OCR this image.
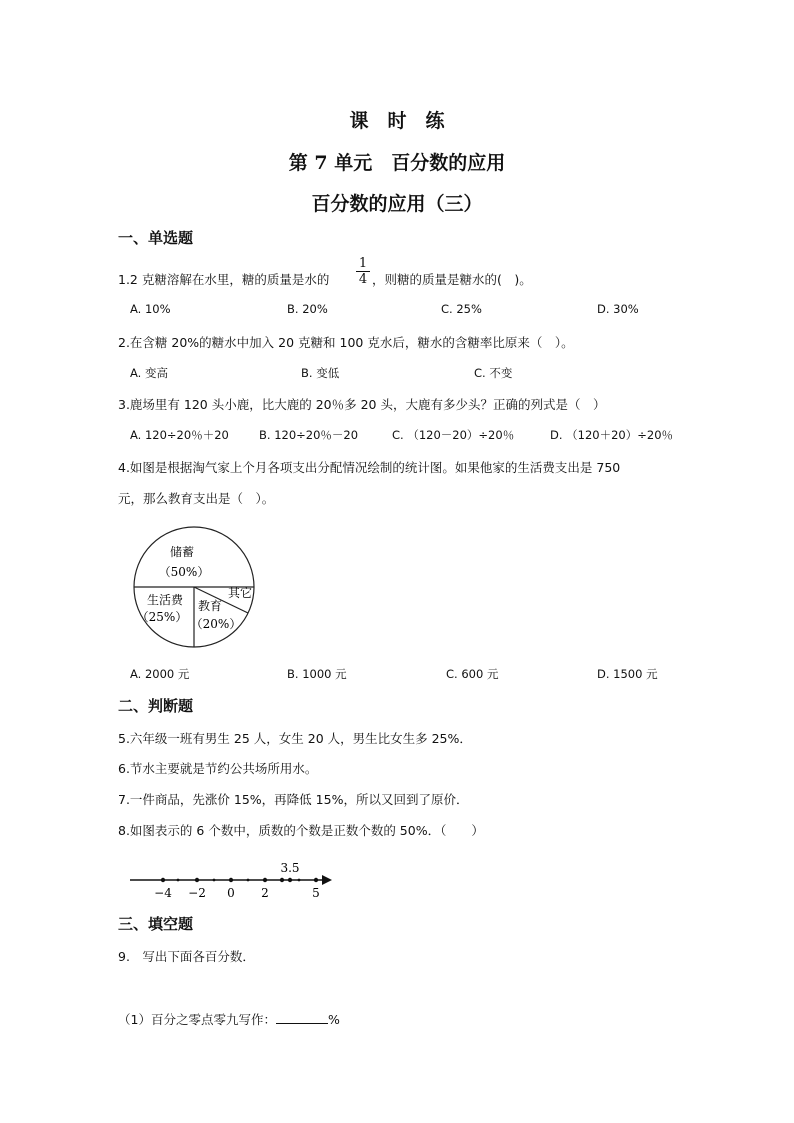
课　时　练
第 7 单元　百分数的应用
百分数的应用（三）
一、单选题
1.2 克糖溶解在水里，糖的质量是水的 $\frac{1}{4}$ ，则糖的质量是糖水的(　)。
A. 10%	B. 20%	C. 25%	D. 30%
2.在含糖 20%的糖水中加入 20 克糖和 100 克水后，糖水的含糖率比原来（　）。
A. 变高	B. 变低	C. 不变
3.鹿场里有 120 头小鹿，比大鹿的 20％多 20 头，大鹿有多少头？正确的列式是（　）
A. 120÷20％＋20	B. 120÷20％－20	C. （120－20）÷20％	D. （120＋20）÷20％
4.如图是根据淘气家上个月各项支出分配情况绘制的统计图。如果他家的生活费支出是 750
元，那么教育支出是（　）。
储蓄
（50%）
生活费
（25%）
教育
（20%）
其它
A. 2000 元	B. 1000 元	C. 600 元	D. 1500 元
二、判断题
5.六年级一班有男生 25 人，女生 20 人，男生比女生多 25%．
6.节水主要就是节约公共场所用水。
7.一件商品，先涨价 15%，再降低 15%，所以又回到了原价．
8.如图表示的 6 个数中，质数的个数是正数个数的 50%．（　　）
3.5
−4 −2 0 2	5
三、填空题
9.　写出下面各百分数．
（1）百分之零点零九写作：	%
